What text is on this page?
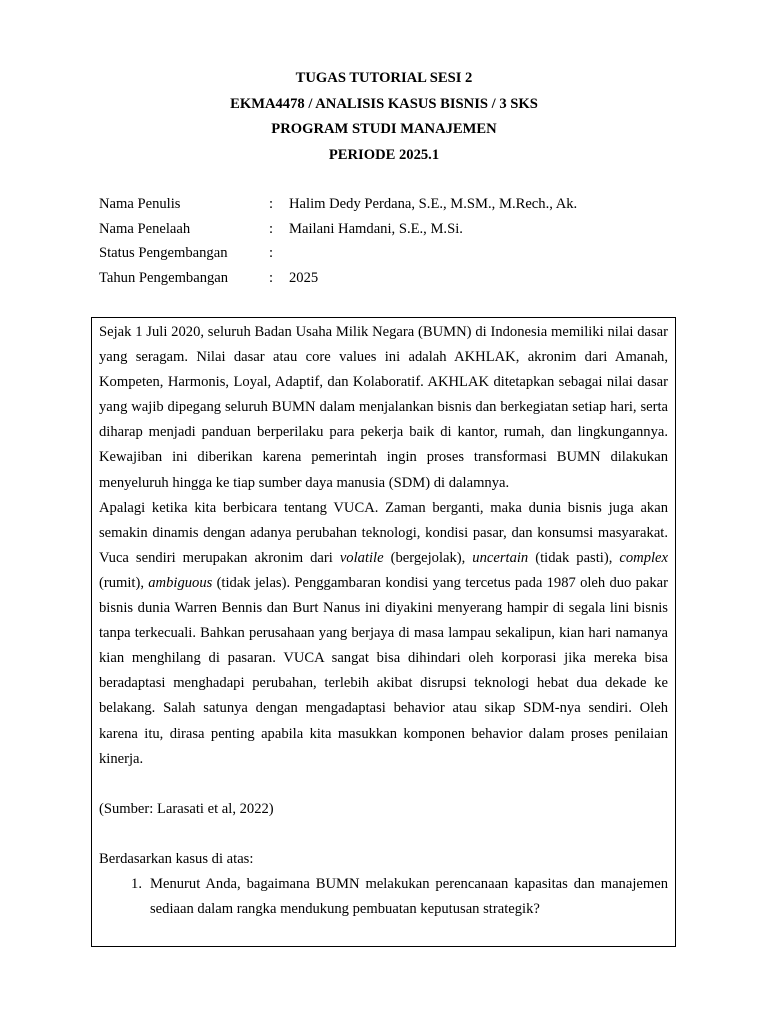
TUGAS TUTORIAL SESI 2
EKMA4478 / ANALISIS KASUS BISNIS / 3 SKS
PROGRAM STUDI MANAJEMEN
PERIODE 2025.1
Nama Penulis	:	Halim Dedy Perdana, S.E., M.SM., M.Rech., Ak.
Nama Penelaah	:	Mailani Hamdani, S.E., M.Si.
Status Pengembangan	:
Tahun Pengembangan	:	2025

Sejak 1 Juli 2020, seluruh Badan Usaha Milik Negara (BUMN) di Indonesia memiliki nilai dasar yang seragam. Nilai dasar atau core values ini adalah AKHLAK, akronim dari Amanah, Kompeten, Harmonis, Loyal, Adaptif, dan Kolaboratif. AKHLAK ditetapkan sebagai nilai dasar yang wajib dipegang seluruh BUMN dalam menjalankan bisnis dan berkegiatan setiap hari, serta diharap menjadi panduan berperilaku para pekerja baik di kantor, rumah, dan lingkungannya. Kewajiban ini diberikan karena pemerintah ingin proses transformasi BUMN dilakukan menyeluruh hingga ke tiap sumber daya manusia (SDM) di dalamnya.

Apalagi ketika kita berbicara tentang VUCA. Zaman berganti, maka dunia bisnis juga akan semakin dinamis dengan adanya perubahan teknologi, kondisi pasar, dan konsumsi masyarakat. Vuca sendiri merupakan akronim dari volatile (bergejolak), uncertain (tidak pasti), complex (rumit), ambiguous (tidak jelas). Penggambaran kondisi yang tercetus pada 1987 oleh duo pakar bisnis dunia Warren Bennis dan Burt Nanus ini diyakini menyerang hampir di segala lini bisnis tanpa terkecuali. Bahkan perusahaan yang berjaya di masa lampau sekalipun, kian hari namanya kian menghilang di pasaran. VUCA sangat bisa dihindari oleh korporasi jika mereka bisa beradaptasi menghadapi perubahan, terlebih akibat disrupsi teknologi hebat dua dekade ke belakang. Salah satunya dengan mengadaptasi behavior atau sikap SDM-nya sendiri. Oleh karena itu, dirasa penting apabila kita masukkan komponen behavior dalam proses penilaian kinerja.

(Sumber: Larasati et al, 2022)

Berdasarkan kasus di atas:

1. Menurut Anda, bagaimana BUMN melakukan perencanaan kapasitas dan manajemen sediaan dalam rangka mendukung pembuatan keputusan strategik?
